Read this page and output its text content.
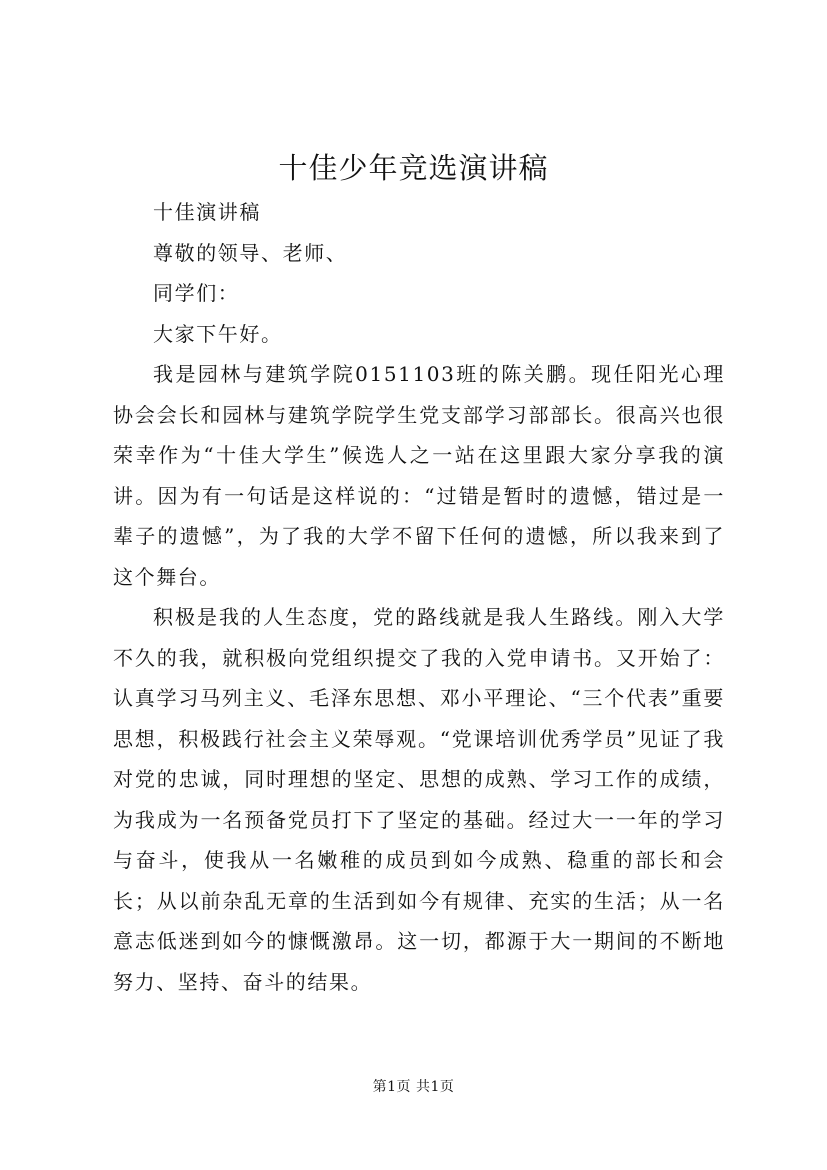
十佳少年竞选演讲稿

十佳演讲稿

尊敬的领导、老师、

同学们：

大家下午好。

我是园林与建筑学院0151103班的陈关鹏。现任阳光心理协会会长和园林与建筑学院学生党支部学习部部长。很高兴也很荣幸作为“十佳大学生”候选人之一站在这里跟大家分享我的演讲。因为有一句话是这样说的：“过错是暂时的遗憾，错过是一辈子的遗憾”，为了我的大学不留下任何的遗憾，所以我来到了这个舞台。

积极是我的人生态度，党的路线就是我人生路线。刚入大学不久的我，就积极向党组织提交了我的入党申请书。又开始了：认真学习马列主义、毛泽东思想、邓小平理论、“三个代表”重要思想，积极践行社会主义荣辱观。“党课培训优秀学员”见证了我对党的忠诚，同时理想的坚定、思想的成熟、学习工作的成绩，为我成为一名预备党员打下了坚定的基础。经过大一一年的学习与奋斗，使我从一名嫩稚的成员到如今成熟、稳重的部长和会长；从以前杂乱无章的生活到如今有规律、充实的生活；从一名意志低迷到如今的慷慨激昂。这一切，都源于大一期间的不断地努力、坚持、奋斗的结果。

第1页 共1页
